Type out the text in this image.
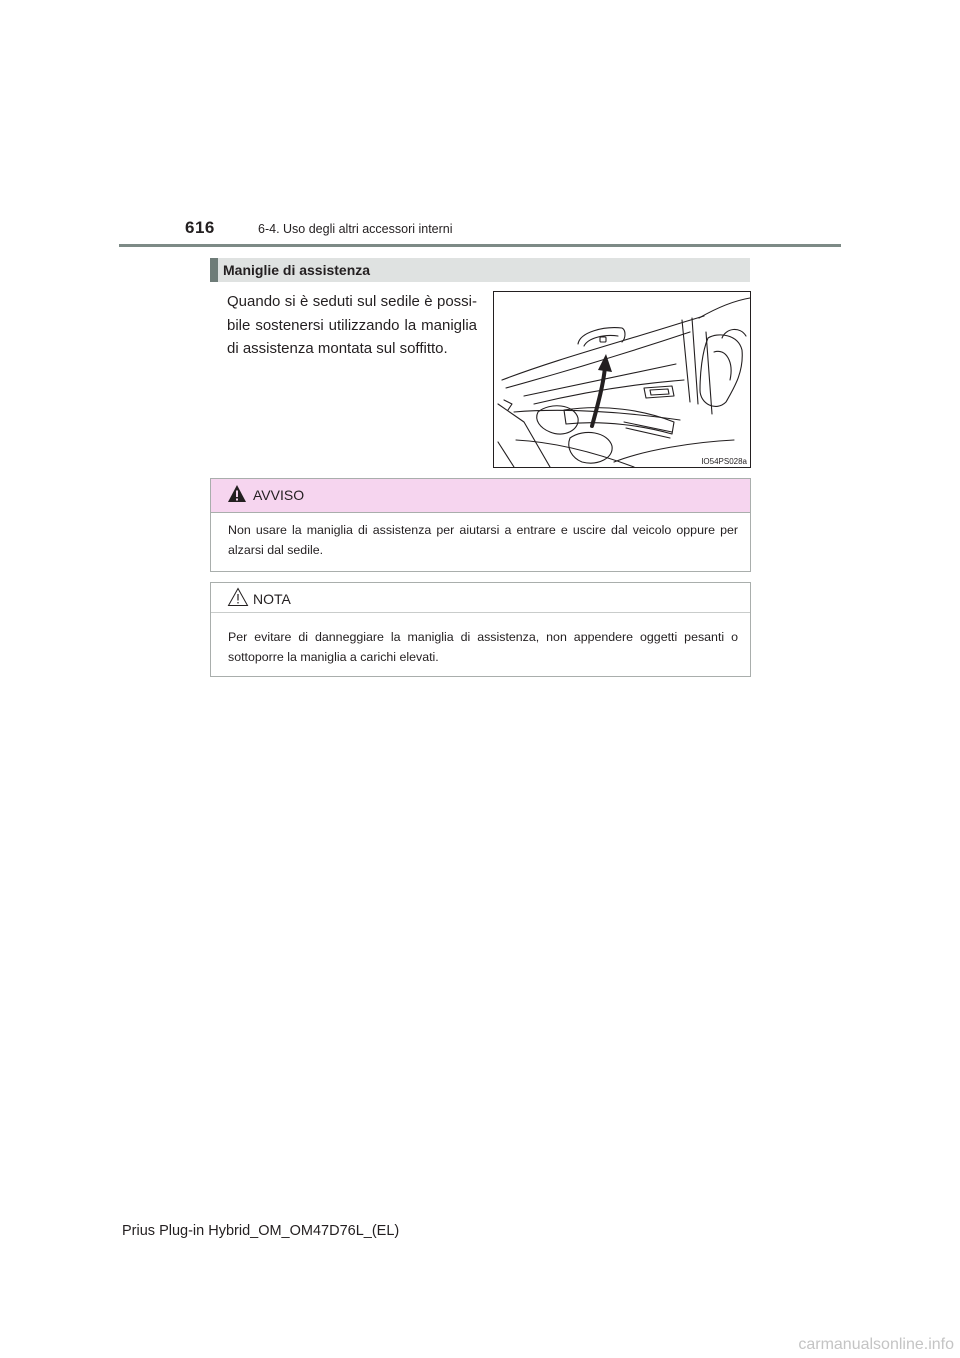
616	6-4. Uso degli altri accessori interni
Maniglie di assistenza
Quando si è seduti sul sedile è possi-bile sostenersi utilizzando la maniglia di assistenza montata sul soffitto.
IO54PS028a
AVVISO
Non usare la maniglia di assistenza per aiutarsi a entrare e uscire dal veicolo oppure per alzarsi dal sedile.
NOTA
Per evitare di danneggiare la maniglia di assistenza, non appendere oggetti pesanti o sottoporre la maniglia a carichi elevati.
Prius Plug-in Hybrid_OM_OM47D76L_(EL)
carmanualsonline.info
